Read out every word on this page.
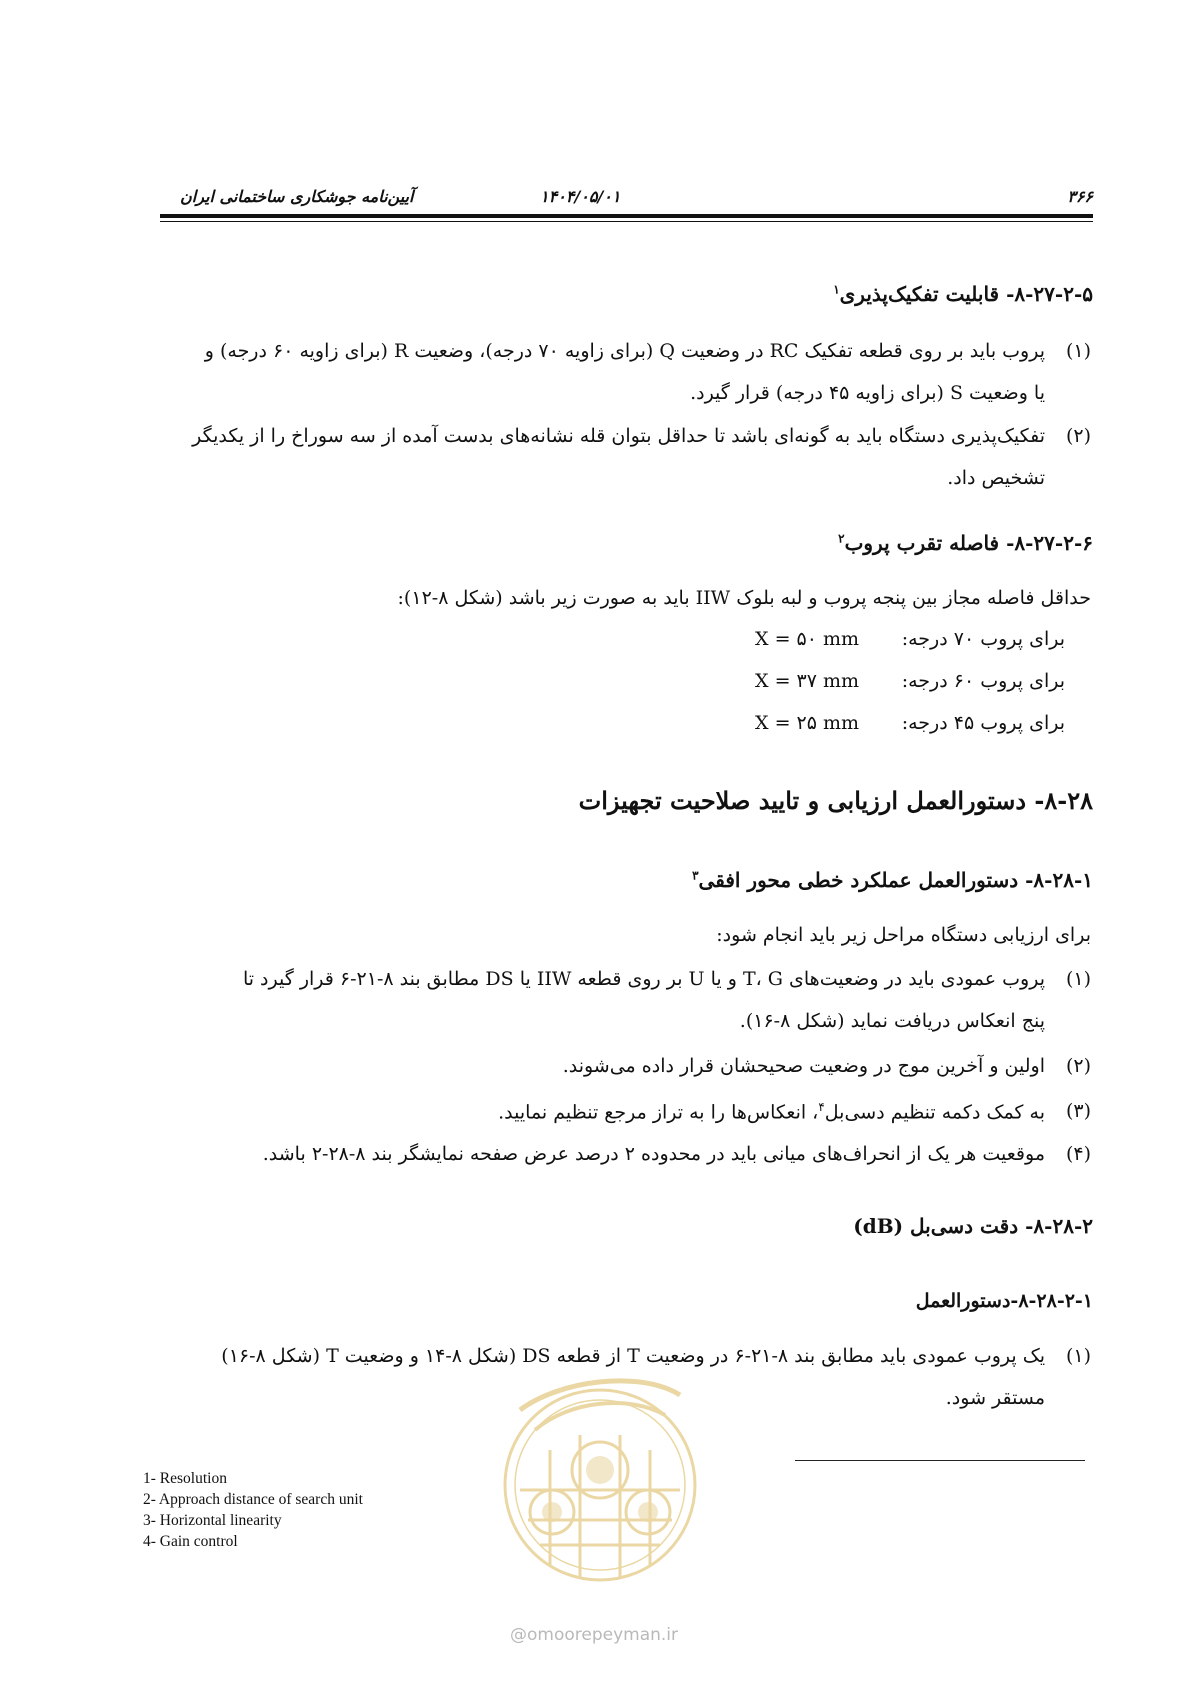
۳۶۶
۱۴۰۴/۰۵/۰۱
آیین‌نامه جوشکاری ساختمانی ایران
۸-۲۷-۲-۵- قابلیت تفکیک‌پذیری$^۱$
(۱)
پروب باید بر روی قطعه تفکیک RC در وضعیت Q (برای زاویه ۷۰ درجه)، وضعیت R (برای زاویه ۶۰ درجه) و
یا وضعیت S (برای زاویه ۴۵ درجه) قرار گیرد.
(۲)
تفکیک‌پذیری دستگاه باید به گونه‌ای باشد تا حداقل بتوان قله نشانه‌های بدست آمده از سه سوراخ را از یکدیگر
تشخیص داد.
۸-۲۷-۲-۶- فاصله تقرب پروب$^۲$
حداقل فاصله مجاز بین پنجه پروب و لبه بلوک IIW باید به صورت زیر باشد (شکل ۸-۱۲):
برای پروب ۷۰ درجه:
X = ۵۰ mm
برای پروب ۶۰ درجه:
X = ۳۷ mm
برای پروب ۴۵ درجه:
X = ۲۵ mm
۸-۲۸- دستورالعمل ارزیابی و تایید صلاحیت تجهیزات
۸-۲۸-۱- دستورالعمل عملکرد خطی محور افقی$^۳$
برای ارزیابی دستگاه مراحل زیر باید انجام شود:
(۱)
پروب عمودی باید در وضعیت‌های T، G و یا U بر روی قطعه IIW یا DS مطابق بند ۸-۲۱-۶ قرار گیرد تا
پنج انعکاس دریافت نماید (شکل ۸-۱۶).
(۲)
اولین و آخرین موج در وضعیت صحیحشان قرار داده می‌شوند.
(۳)
به کمک دکمه تنظیم دسی‌بل$^۴$، انعکاس‌ها را به تراز مرجع تنظیم نمایید.
(۴)
موقعیت هر یک از انحراف‌های میانی باید در محدوده ۲ درصد عرض صفحه نمایشگر بند ۸-۲۸-۲ باشد.
۸-۲۸-۲- دقت دسی‌بل (dB)
۸-۲۸-۲-۱-دستورالعمل
(۱)
یک پروب عمودی باید مطابق بند ۸-۲۱-۶ در وضعیت T از قطعه DS (شکل ۸-۱۴ و وضعیت T (شکل ۸-۱۶)
مستقر شود.
1- Resolution
2- Approach distance of search unit
3- Horizontal linearity
4- Gain control
@omoorepeyman.ir
